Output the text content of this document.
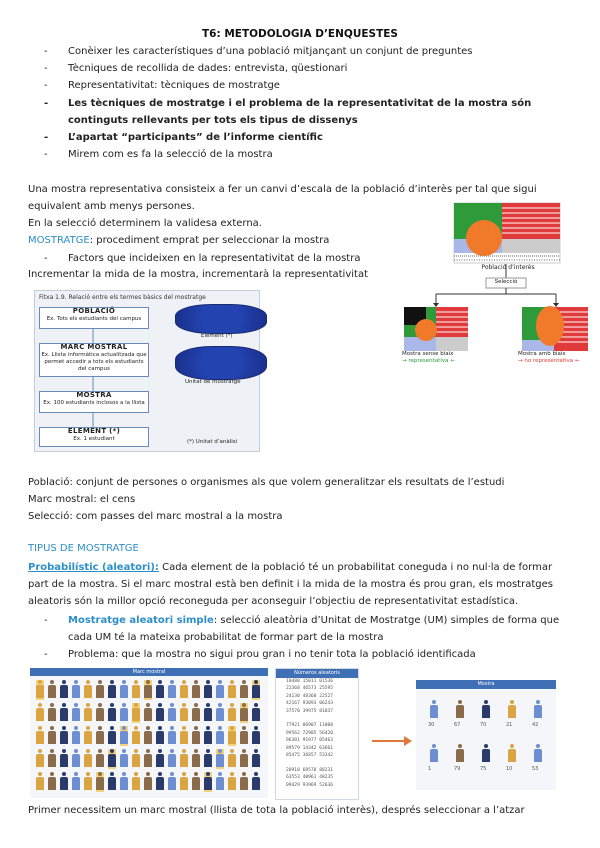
T6: METODOLOGIA D’ENQUESTES
- Conèixer les característiques d’una població mitjançant un conjunt de preguntes
- Tècniques de recollida de dades: entrevista, qüestionari
- Representativitat: tècniques de mostratge
- Les tècniques de mostratge i el problema de la representativitat de la mostra són continguts rellevants per tots els tipus de dissenys
- L’apartat “participants” de l’informe científic
- Mirem com es fa la selecció de la mostra

Una mostra representativa consisteix a fer un canvi d’escala de la població d’interès per tal que sigui equivalent amb menys persones.

En la selecció determinem la validesa externa.

MOSTRATGE: procediment emprat per seleccionar la mostra

- Factors que incideixen en la representativitat de la mostra

Incrementar la mida de la mostra, incrementarà la representativitat

Fitxa 1.9. Relació entre els termes bàsics del mostratge
POBLACIÓ
Ex. Tots els estudiants del campus
MARC MOSTRAL
Ex. Llista informàtica actualitzada que permet accedir a tots els estudiants del campus
MOSTRA
Ex. 100 estudiants inclosos a la llista
ELEMENT (*)
Ex. 1 estudiant
Element (*)
Unitat de mostratge
(*) Unitat d’anàlisi
Població d’interès
Selecció
Mostra sense biaix
→ representativa ←
Mostra amb biaix
→ no representativa ←

Població: conjunt de persones o organismes als que volem generalitzar els resultats de l’estudi

Marc mostral: el cens

Selecció: com passes del marc mostral a la mostra

TIPUS DE MOSTRATGE

Probabilístic (aleatori): Cada element de la població té un probabilitat coneguda i no nul·la de formar part de la mostra. Si el marc mostral està ben definit i la mida de la mostra és prou gran, els mostratges aleatoris són la millor opció reconeguda per aconseguir l’objectiu de representativitat estadística.

- Mostratge aleatori simple: selecció aleatòria d’Unitat de Mostratge (UM) simples de forma que cada UM té la mateixa probabilitat de formar part de la mostra
- Problema: que la mostra no sigui prou gran i no tenir tota la població identificada
Marc mostral	Números aleatoris
10480 15011 01536
22368 46573 25595
24130 48360 22527
42167 93093 06243
37570 39975 81837

77921 06907 11008
99562 72905 56420
96301 91977 05463
89579 14342 63661
85475 36857 53342

28918 69578 88231
63553 40961 48235
09429 93969 52636
Mostra
30	67	70	21	42
1	79	75	10	53

Primer necessitem un marc mostral (llista de tota la població interès), després seleccionar a l’atzar
